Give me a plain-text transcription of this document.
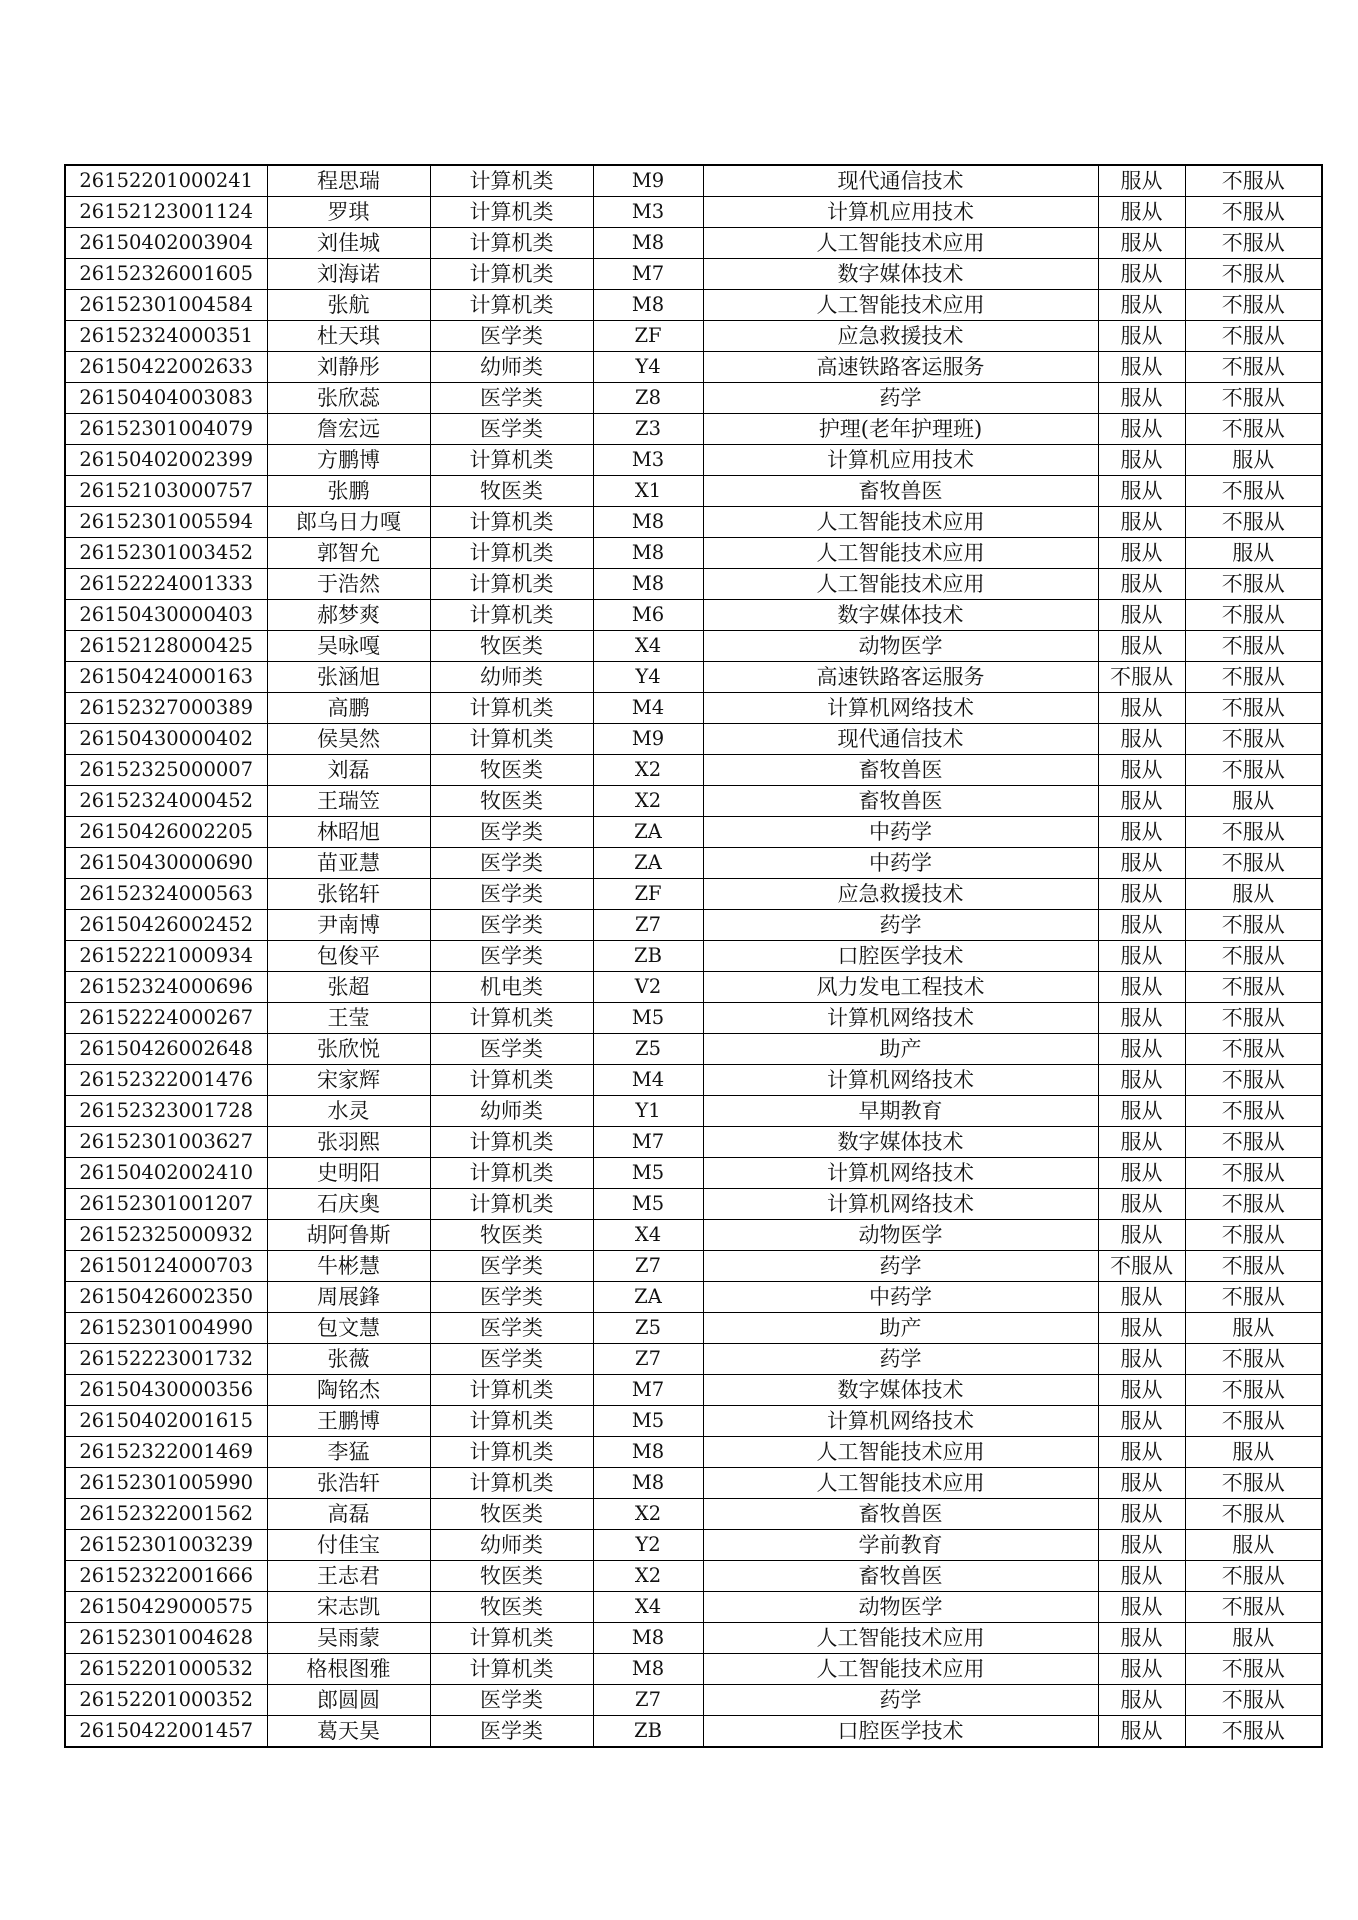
26152201000241	程思瑞	计算机类	M9	现代通信技术	服从	不服从
26152123001124	罗琪	计算机类	M3	计算机应用技术	服从	不服从
26150402003904	刘佳城	计算机类	M8	人工智能技术应用	服从	不服从
26152326001605	刘海诺	计算机类	M7	数字媒体技术	服从	不服从
26152301004584	张航	计算机类	M8	人工智能技术应用	服从	不服从
26152324000351	杜天琪	医学类	ZF	应急救援技术	服从	不服从
26150422002633	刘静彤	幼师类	Y4	高速铁路客运服务	服从	不服从
26150404003083	张欣蕊	医学类	Z8	药学	服从	不服从
26152301004079	詹宏远	医学类	Z3	护理(老年护理班)	服从	不服从
26150402002399	方鹏博	计算机类	M3	计算机应用技术	服从	服从
26152103000757	张鹏	牧医类	X1	畜牧兽医	服从	不服从
26152301005594	郎乌日力嘎	计算机类	M8	人工智能技术应用	服从	不服从
26152301003452	郭智允	计算机类	M8	人工智能技术应用	服从	服从
26152224001333	于浩然	计算机类	M8	人工智能技术应用	服从	不服从
26150430000403	郝梦爽	计算机类	M6	数字媒体技术	服从	不服从
26152128000425	吴咏嘎	牧医类	X4	动物医学	服从	不服从
26150424000163	张涵旭	幼师类	Y4	高速铁路客运服务	不服从	不服从
26152327000389	高鹏	计算机类	M4	计算机网络技术	服从	不服从
26150430000402	侯昊然	计算机类	M9	现代通信技术	服从	不服从
26152325000007	刘磊	牧医类	X2	畜牧兽医	服从	不服从
26152324000452	王瑞笠	牧医类	X2	畜牧兽医	服从	服从
26150426002205	林昭旭	医学类	ZA	中药学	服从	不服从
26150430000690	苗亚慧	医学类	ZA	中药学	服从	不服从
26152324000563	张铭轩	医学类	ZF	应急救援技术	服从	服从
26150426002452	尹南博	医学类	Z7	药学	服从	不服从
26152221000934	包俊平	医学类	ZB	口腔医学技术	服从	不服从
26152324000696	张超	机电类	V2	风力发电工程技术	服从	不服从
26152224000267	王莹	计算机类	M5	计算机网络技术	服从	不服从
26150426002648	张欣悦	医学类	Z5	助产	服从	不服从
26152322001476	宋家辉	计算机类	M4	计算机网络技术	服从	不服从
26152323001728	水灵	幼师类	Y1	早期教育	服从	不服从
26152301003627	张羽熙	计算机类	M7	数字媒体技术	服从	不服从
26150402002410	史明阳	计算机类	M5	计算机网络技术	服从	不服从
26152301001207	石庆奥	计算机类	M5	计算机网络技术	服从	不服从
26152325000932	胡阿鲁斯	牧医类	X4	动物医学	服从	不服从
26150124000703	牛彬慧	医学类	Z7	药学	不服从	不服从
26150426002350	周展鋒	医学类	ZA	中药学	服从	不服从
26152301004990	包文慧	医学类	Z5	助产	服从	服从
26152223001732	张薇	医学类	Z7	药学	服从	不服从
26150430000356	陶铭杰	计算机类	M7	数字媒体技术	服从	不服从
26150402001615	王鹏博	计算机类	M5	计算机网络技术	服从	不服从
26152322001469	李猛	计算机类	M8	人工智能技术应用	服从	服从
26152301005990	张浩轩	计算机类	M8	人工智能技术应用	服从	不服从
26152322001562	高磊	牧医类	X2	畜牧兽医	服从	不服从
26152301003239	付佳宝	幼师类	Y2	学前教育	服从	服从
26152322001666	王志君	牧医类	X2	畜牧兽医	服从	不服从
26150429000575	宋志凯	牧医类	X4	动物医学	服从	不服从
26152301004628	吴雨蒙	计算机类	M8	人工智能技术应用	服从	服从
26152201000532	格根图雅	计算机类	M8	人工智能技术应用	服从	不服从
26152201000352	郎圆圆	医学类	Z7	药学	服从	不服从
26150422001457	葛天昊	医学类	ZB	口腔医学技术	服从	不服从
